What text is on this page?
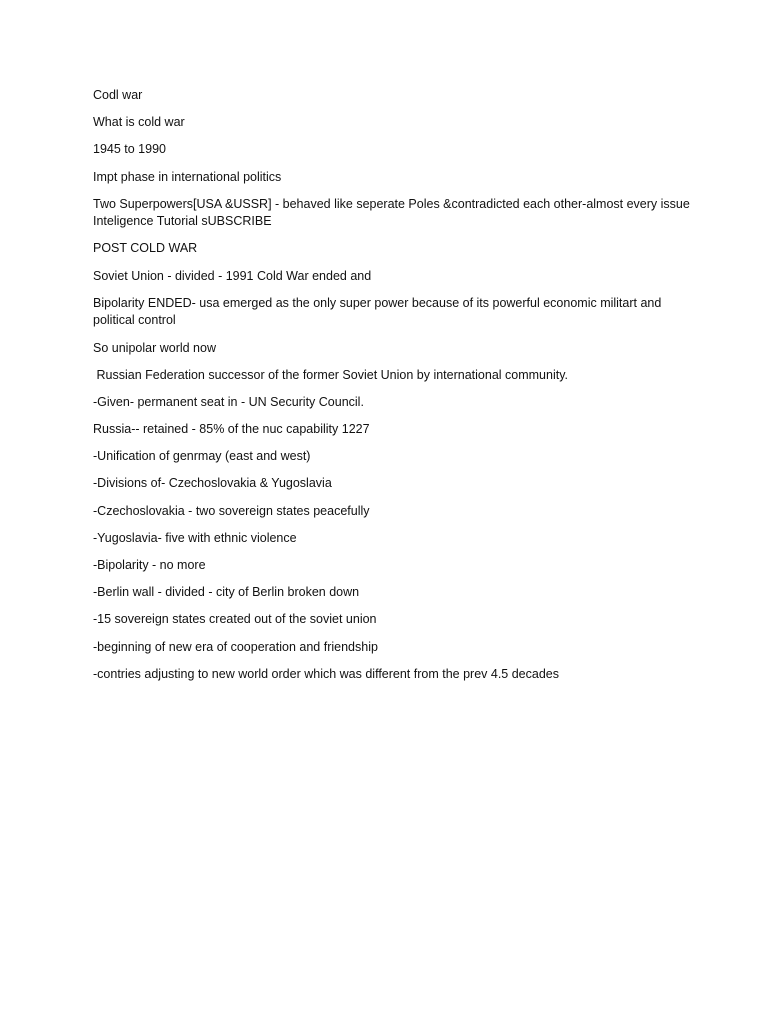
Codl war

What is cold war

1945 to 1990

Impt phase in international politics

Two Superpowers[USA &USSR] - behaved like seperate Poles &contradicted each other-almost every issue Inteligence Tutorial sUBSCRIBE

POST COLD WAR

Soviet Union - divided - 1991 Cold War ended and

Bipolarity ENDED- usa emerged as the only super power because of its powerful economic militart and political control

So unipolar world now

Russian Federation successor of the former Soviet Union by international community.

-Given- permanent seat in - UN Security Council.

Russia-- retained - 85% of the nuc capability 1227

-Unification of genrmay (east and west)

-Divisions of- Czechoslovakia & Yugoslavia

-Czechoslovakia - two sovereign states peacefully

-Yugoslavia- five with ethnic violence

-Bipolarity - no more

-Berlin wall - divided - city of Berlin broken down

-15 sovereign states created out of the soviet union

-beginning of new era of cooperation and friendship

-contries adjusting to new world order which was different from the prev 4.5 decades
